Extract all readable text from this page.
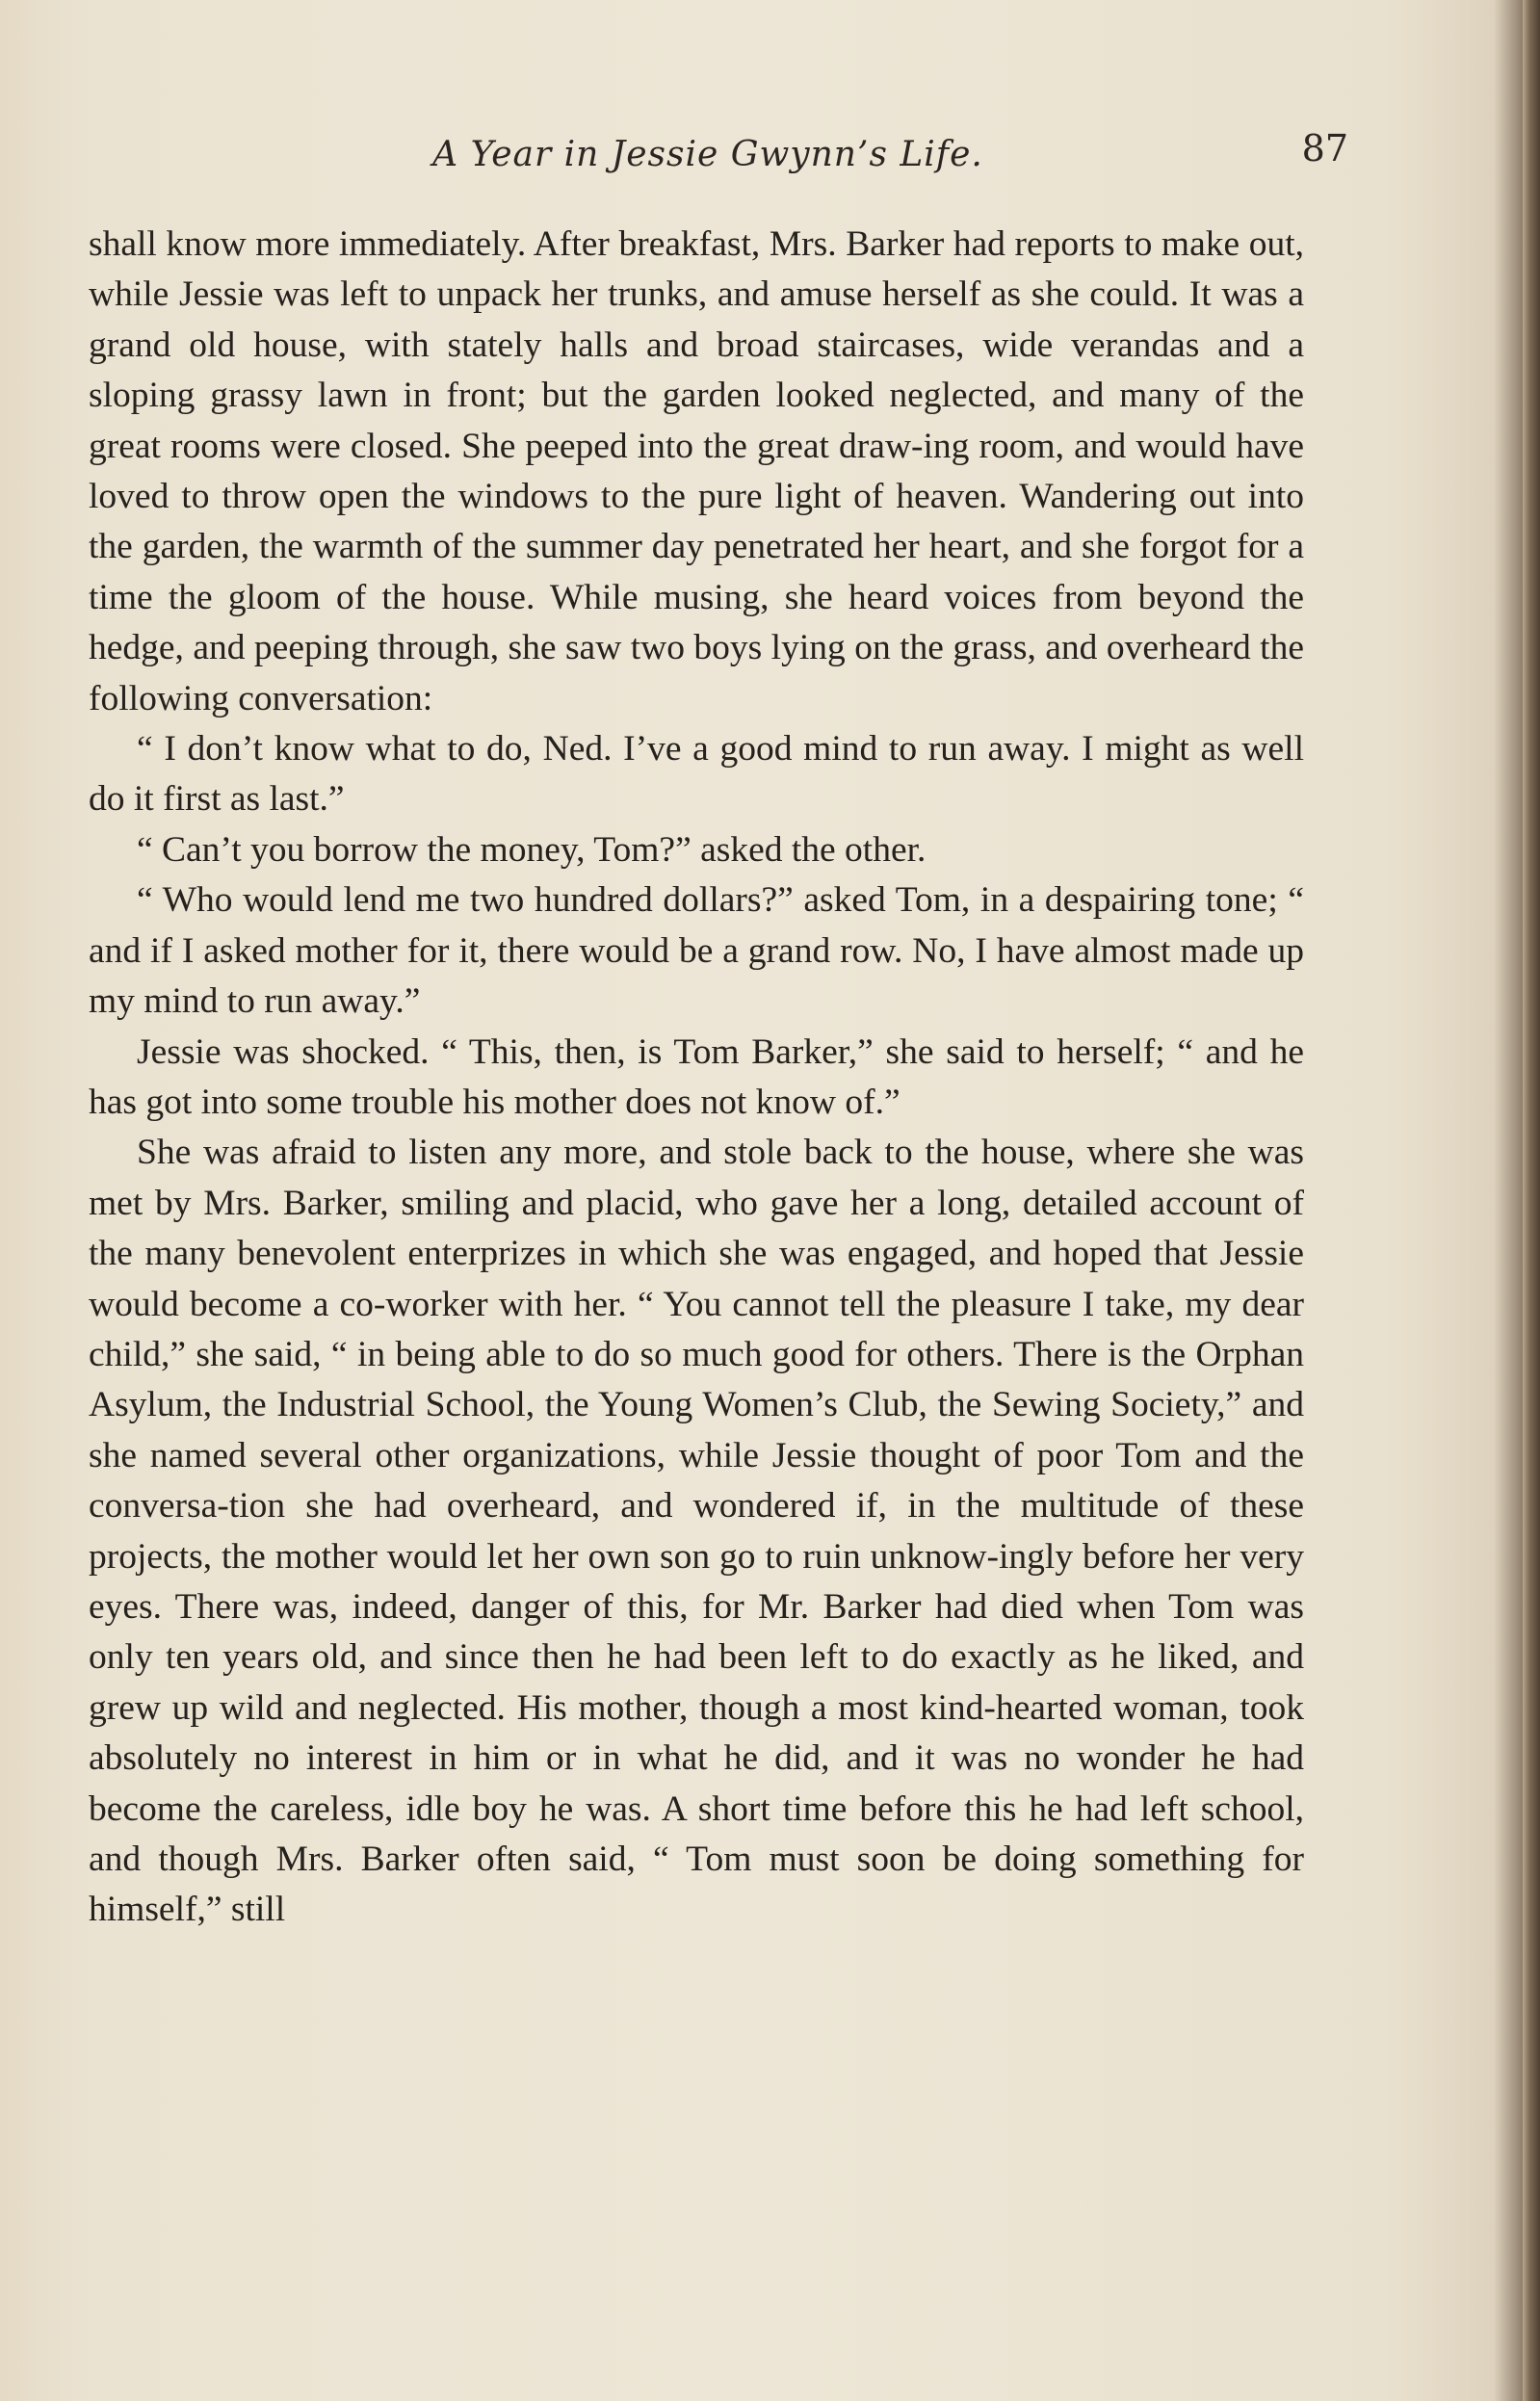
A Year in Jessie Gwynn’s Life.	87

shall know more immediately. After breakfast, Mrs. Barker had reports to make out, while Jessie was left to unpack her trunks, and amuse herself as she could. It was a grand old house, with stately halls and broad staircases, wide verandas and a sloping grassy lawn in front; but the garden looked neglected, and many of the great rooms were closed. She peeped into the great draw-ing room, and would have loved to throw open the windows to the pure light of heaven. Wandering out into the garden, the warmth of the summer day penetrated her heart, and she forgot for a time the gloom of the house. While musing, she heard voices from beyond the hedge, and peeping through, she saw two boys lying on the grass, and overheard the following conversation:

“ I don’t know what to do, Ned. I’ve a good mind to run away. I might as well do it first as last.”

“ Can’t you borrow the money, Tom?” asked the other.

“ Who would lend me two hundred dollars?” asked Tom, in a despairing tone; “ and if I asked mother for it, there would be a grand row. No, I have almost made up my mind to run away.”

Jessie was shocked. “ This, then, is Tom Barker,” she said to herself; “ and he has got into some trouble his mother does not know of.”

She was afraid to listen any more, and stole back to the house, where she was met by Mrs. Barker, smiling and placid, who gave her a long, detailed account of the many benevolent enterprizes in which she was engaged, and hoped that Jessie would become a co-worker with her. “ You cannot tell the pleasure I take, my dear child,” she said, “ in being able to do so much good for others. There is the Orphan Asylum, the Industrial School, the Young Women’s Club, the Sewing Society,” and she named several other organizations, while Jessie thought of poor Tom and the conversa-tion she had overheard, and wondered if, in the multitude of these projects, the mother would let her own son go to ruin unknow-ingly before her very eyes. There was, indeed, danger of this, for Mr. Barker had died when Tom was only ten years old, and since then he had been left to do exactly as he liked, and grew up wild and neglected. His mother, though a most kind-hearted woman, took absolutely no interest in him or in what he did, and it was no wonder he had become the careless, idle boy he was. A short time before this he had left school, and though Mrs. Barker often said, “ Tom must soon be doing something for himself,” still
